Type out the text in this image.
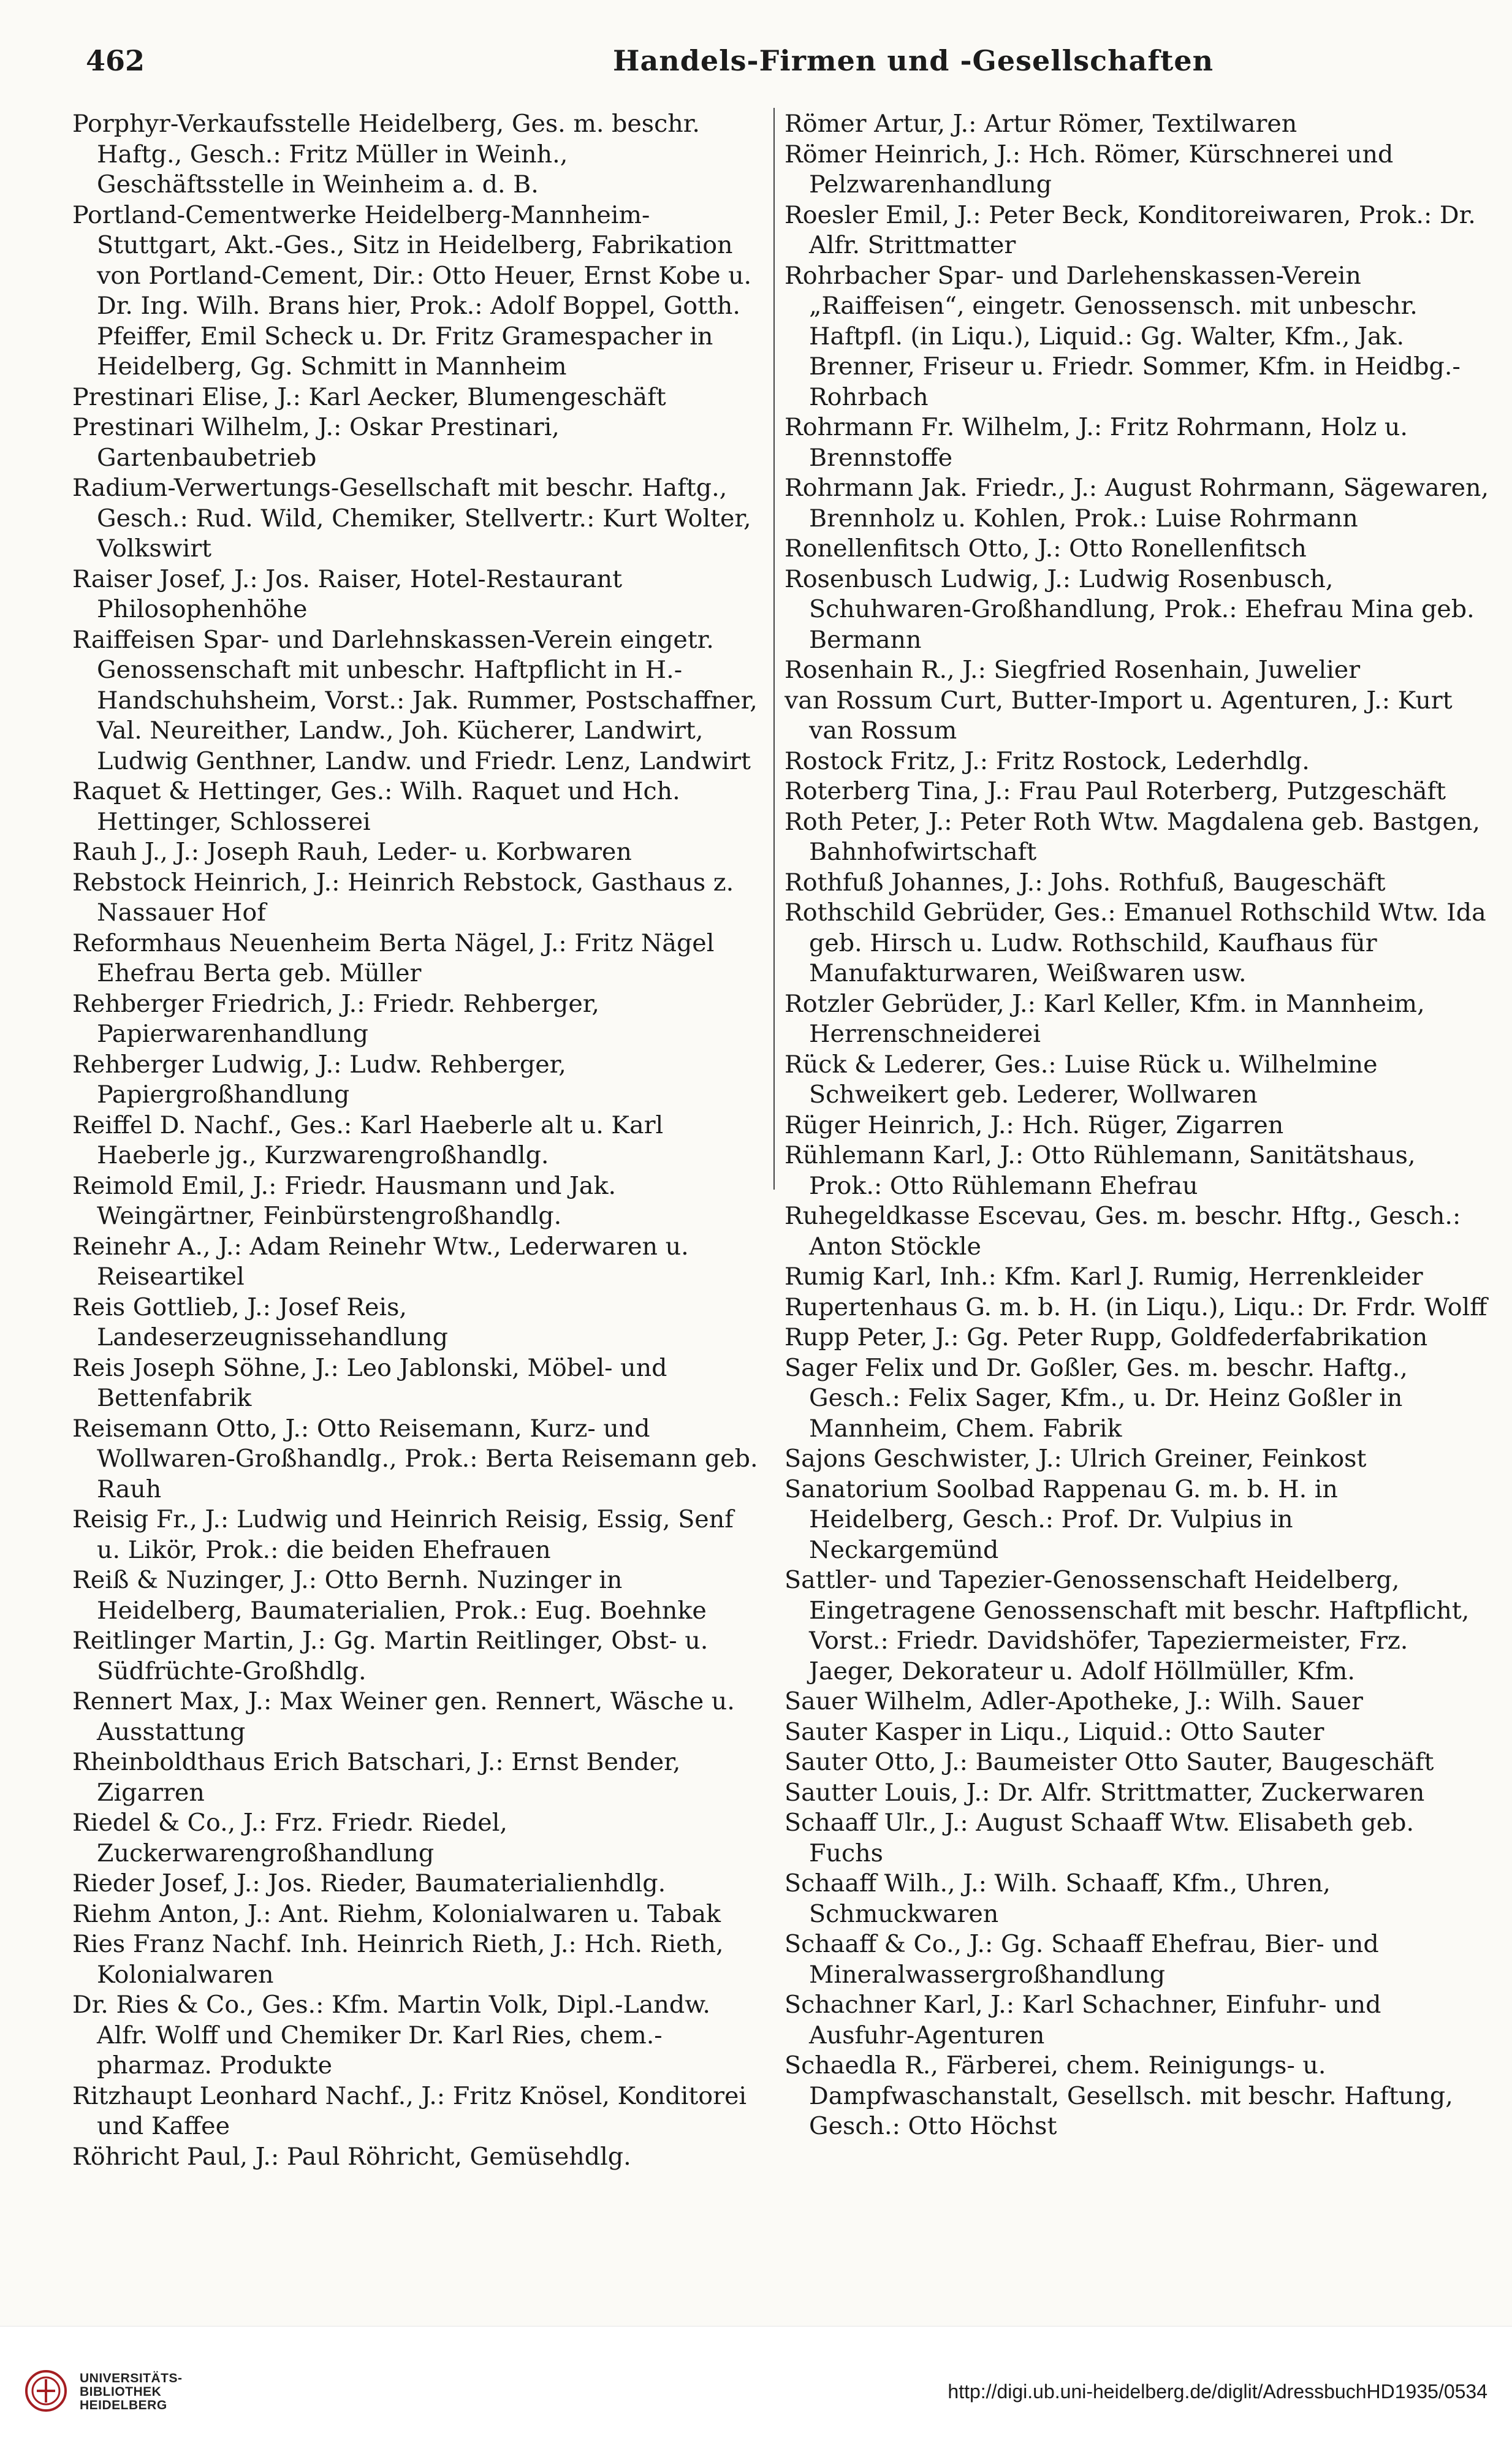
462	Handels-Firmen und -Gesellschaften

Porphyr-Verkaufsstelle Heidelberg, Ges. m. beschr. Haftg., Gesch.: Fritz Müller in Weinh., Geschäftsstelle in Weinheim a. d. B.

Portland-Cementwerke Heidelberg-Mannheim-Stuttgart, Akt.-Ges., Sitz in Heidelberg, Fabrikation von Portland-Cement, Dir.: Otto Heuer, Ernst Kobe u. Dr. Ing. Wilh. Brans hier, Prok.: Adolf Boppel, Gotth. Pfeiffer, Emil Scheck u. Dr. Fritz Gramespacher in Heidelberg, Gg. Schmitt in Mannheim

Prestinari Elise, J.: Karl Aecker, Blumengeschäft

Prestinari Wilhelm, J.: Oskar Prestinari, Gartenbaubetrieb

Radium-Verwertungs-Gesellschaft mit beschr. Haftg., Gesch.: Rud. Wild, Chemiker, Stellvertr.: Kurt Wolter, Volkswirt

Raiser Josef, J.: Jos. Raiser, Hotel-Restaurant Philosophenhöhe

Raiffeisen Spar- und Darlehnskassen-Verein eingetr. Genossenschaft mit unbeschr. Haftpflicht in H.-Handschuhsheim, Vorst.: Jak. Rummer, Postschaffner, Val. Neureither, Landw., Joh. Kücherer, Landwirt, Ludwig Genthner, Landw. und Friedr. Lenz, Landwirt

Raquet & Hettinger, Ges.: Wilh. Raquet und Hch. Hettinger, Schlosserei

Rauh J., J.: Joseph Rauh, Leder- u. Korbwaren

Rebstock Heinrich, J.: Heinrich Rebstock, Gasthaus z. Nassauer Hof

Reformhaus Neuenheim Berta Nägel, J.: Fritz Nägel Ehefrau Berta geb. Müller

Rehberger Friedrich, J.: Friedr. Rehberger, Papierwarenhandlung

Rehberger Ludwig, J.: Ludw. Rehberger, Papiergroßhandlung

Reiffel D. Nachf., Ges.: Karl Haeberle alt u. Karl Haeberle jg., Kurzwarengroßhandlg.

Reimold Emil, J.: Friedr. Hausmann und Jak. Weingärtner, Feinbürstengroßhandlg.

Reinehr A., J.: Adam Reinehr Wtw., Lederwaren u. Reiseartikel

Reis Gottlieb, J.: Josef Reis, Landeserzeugnissehandlung

Reis Joseph Söhne, J.: Leo Jablonski, Möbel- und Bettenfabrik

Reisemann Otto, J.: Otto Reisemann, Kurz- und Wollwaren-Großhandlg., Prok.: Berta Reisemann geb. Rauh

Reisig Fr., J.: Ludwig und Heinrich Reisig, Essig, Senf u. Likör, Prok.: die beiden Ehefrauen

Reiß & Nuzinger, J.: Otto Bernh. Nuzinger in Heidelberg, Baumaterialien, Prok.: Eug. Boehnke

Reitlinger Martin, J.: Gg. Martin Reitlinger, Obst- u. Südfrüchte-Großhdlg.

Rennert Max, J.: Max Weiner gen. Rennert, Wäsche u. Ausstattung

Rheinboldthaus Erich Batschari, J.: Ernst Bender, Zigarren

Riedel & Co., J.: Frz. Friedr. Riedel, Zuckerwarengroßhandlung

Rieder Josef, J.: Jos. Rieder, Baumaterialienhdlg.

Riehm Anton, J.: Ant. Riehm, Kolonialwaren u. Tabak

Ries Franz Nachf. Inh. Heinrich Rieth, J.: Hch. Rieth, Kolonialwaren

Dr. Ries & Co., Ges.: Kfm. Martin Volk, Dipl.-Landw. Alfr. Wolff und Chemiker Dr. Karl Ries, chem.-pharmaz. Produkte

Ritzhaupt Leonhard Nachf., J.: Fritz Knösel, Konditorei und Kaffee

Röhricht Paul, J.: Paul Röhricht, Gemüsehdlg.

Römer Artur, J.: Artur Römer, Textilwaren

Römer Heinrich, J.: Hch. Römer, Kürschnerei und Pelzwarenhandlung

Roesler Emil, J.: Peter Beck, Konditoreiwaren, Prok.: Dr. Alfr. Strittmatter

Rohrbacher Spar- und Darlehenskassen-Verein „Raiffeisen“, eingetr. Genossensch. mit unbeschr. Haftpfl. (in Liqu.), Liquid.: Gg. Walter, Kfm., Jak. Brenner, Friseur u. Friedr. Sommer, Kfm. in Heidbg.-Rohrbach

Rohrmann Fr. Wilhelm, J.: Fritz Rohrmann, Holz u. Brennstoffe

Rohrmann Jak. Friedr., J.: August Rohrmann, Sägewaren, Brennholz u. Kohlen, Prok.: Luise Rohrmann

Ronellenfitsch Otto, J.: Otto Ronellenfitsch

Rosenbusch Ludwig, J.: Ludwig Rosenbusch, Schuhwaren-Großhandlung, Prok.: Ehefrau Mina geb. Bermann

Rosenhain R., J.: Siegfried Rosenhain, Juwelier

van Rossum Curt, Butter-Import u. Agenturen, J.: Kurt van Rossum

Rostock Fritz, J.: Fritz Rostock, Lederhdlg.

Roterberg Tina, J.: Frau Paul Roterberg, Putzgeschäft

Roth Peter, J.: Peter Roth Wtw. Magdalena geb. Bastgen, Bahnhofwirtschaft

Rothfuß Johannes, J.: Johs. Rothfuß, Baugeschäft

Rothschild Gebrüder, Ges.: Emanuel Rothschild Wtw. Ida geb. Hirsch u. Ludw. Rothschild, Kaufhaus für Manufakturwaren, Weißwaren usw.

Rotzler Gebrüder, J.: Karl Keller, Kfm. in Mannheim, Herrenschneiderei

Rück & Lederer, Ges.: Luise Rück u. Wilhelmine Schweikert geb. Lederer, Wollwaren

Rüger Heinrich, J.: Hch. Rüger, Zigarren

Rühlemann Karl, J.: Otto Rühlemann, Sanitätshaus, Prok.: Otto Rühlemann Ehefrau

Ruhegeldkasse Escevau, Ges. m. beschr. Hftg., Gesch.: Anton Stöckle

Rumig Karl, Inh.: Kfm. Karl J. Rumig, Herrenkleider

Rupertenhaus G. m. b. H. (in Liqu.), Liqu.: Dr. Frdr. Wolff

Rupp Peter, J.: Gg. Peter Rupp, Goldfederfabrikation

Sager Felix und Dr. Goßler, Ges. m. beschr. Haftg., Gesch.: Felix Sager, Kfm., u. Dr. Heinz Goßler in Mannheim, Chem. Fabrik

Sajons Geschwister, J.: Ulrich Greiner, Feinkost

Sanatorium Soolbad Rappenau G. m. b. H. in Heidelberg, Gesch.: Prof. Dr. Vulpius in Neckargemünd

Sattler- und Tapezier-Genossenschaft Heidelberg, Eingetragene Genossenschaft mit beschr. Haftpflicht, Vorst.: Friedr. Davidshöfer, Tapeziermeister, Frz. Jaeger, Dekorateur u. Adolf Höllmüller, Kfm.

Sauer Wilhelm, Adler-Apotheke, J.: Wilh. Sauer

Sauter Kasper in Liqu., Liquid.: Otto Sauter

Sauter Otto, J.: Baumeister Otto Sauter, Baugeschäft

Sautter Louis, J.: Dr. Alfr. Strittmatter, Zuckerwaren

Schaaff Ulr., J.: August Schaaff Wtw. Elisabeth geb. Fuchs

Schaaff Wilh., J.: Wilh. Schaaff, Kfm., Uhren, Schmuckwaren

Schaaff & Co., J.: Gg. Schaaff Ehefrau, Bier- und Mineralwassergroßhandlung

Schachner Karl, J.: Karl Schachner, Einfuhr- und Ausfuhr-Agenturen

Schaedla R., Färberei, chem. Reinigungs- u. Dampfwaschanstalt, Gesellsch. mit beschr. Haftung, Gesch.: Otto Höchst

UNIVERSITÄTS-
BIBLIOTHEK
HEIDELBERG
http://digi.ub.uni-heidelberg.de/diglit/AdressbuchHD1935/0534
